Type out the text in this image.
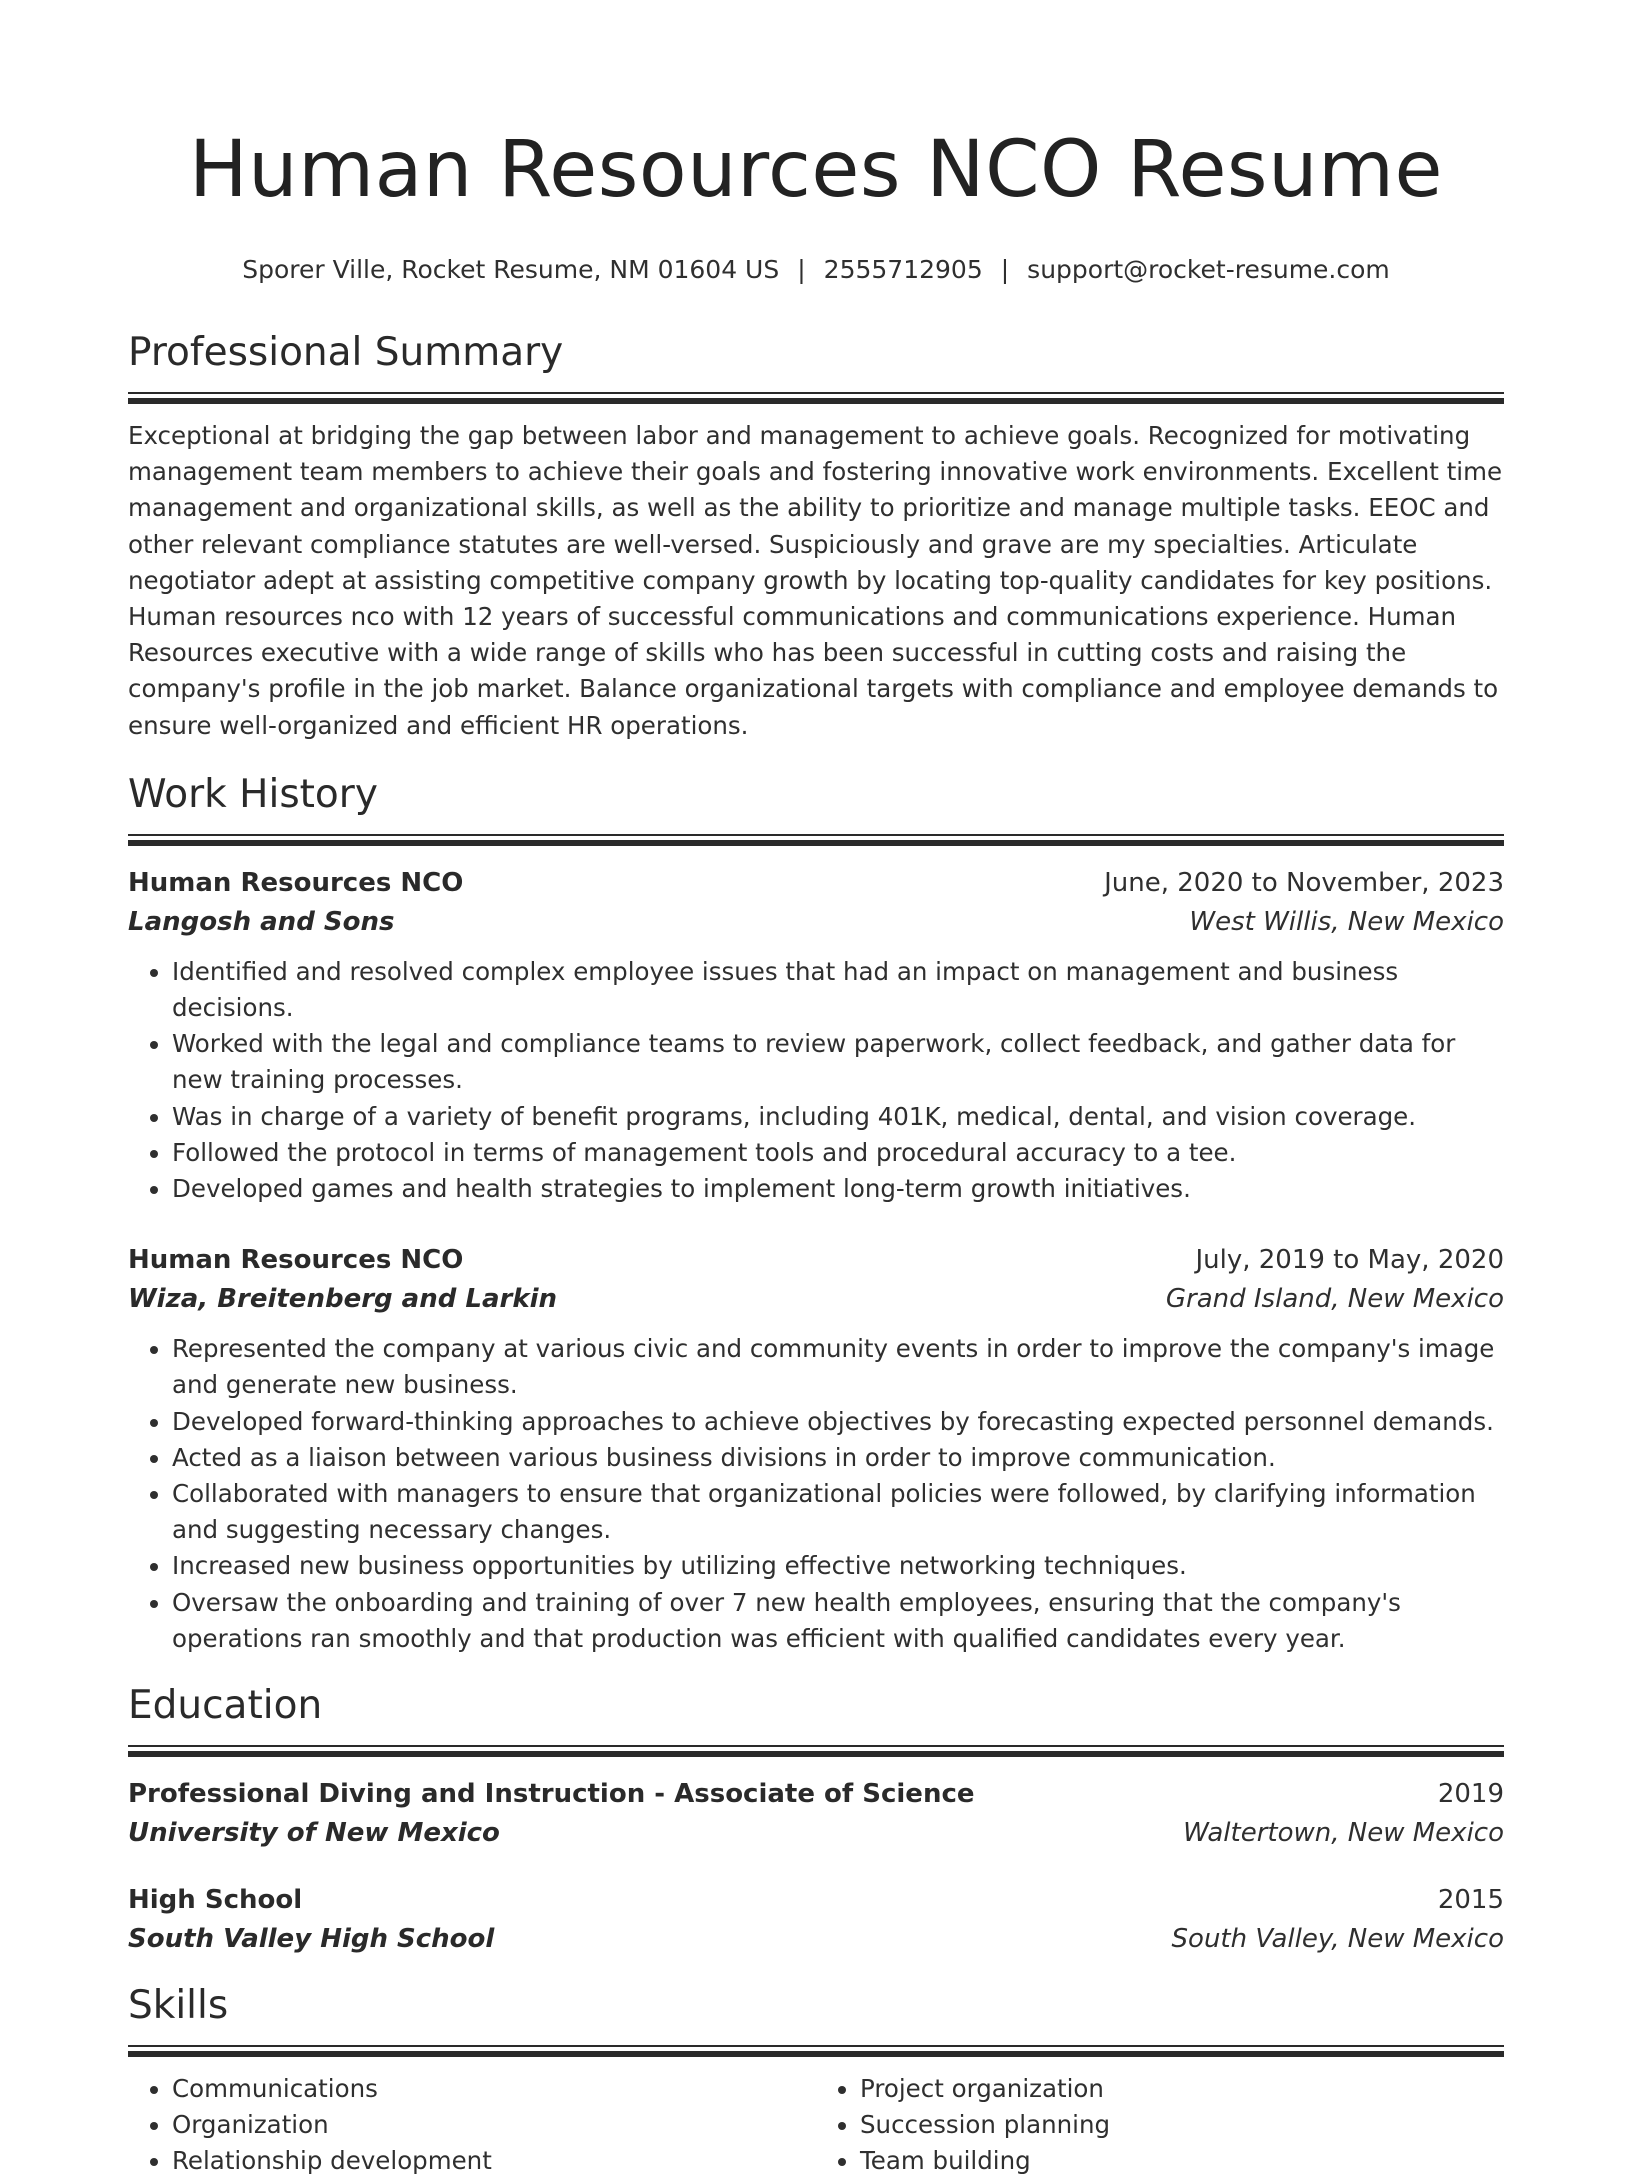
Human Resources NCO Resume
Sporer Ville, Rocket Resume, NM 01604 US | 2555712905 | support@rocket-resume.com
Professional Summary

Exceptional at bridging the gap between labor and management to achieve goals. Recognized for motivating management team members to achieve their goals and fostering innovative work environments. Excellent time management and organizational skills, as well as the ability to prioritize and manage multiple tasks. EEOC and other relevant compliance statutes are well-versed. Suspiciously and grave are my specialties. Articulate negotiator adept at assisting competitive company growth by locating top-quality candidates for key positions. Human resources nco with 12 years of successful communications and communications experience. Human Resources executive with a wide range of skills who has been successful in cutting costs and raising the company's profile in the job market. Balance organizational targets with compliance and employee demands to ensure well-organized and efficient HR operations.

Work History
Human Resources NCO	June, 2020 to November, 2023
Langosh and Sons	West Willis, New Mexico
• Identified and resolved complex employee issues that had an impact on management and business decisions.
• Worked with the legal and compliance teams to review paperwork, collect feedback, and gather data for new training processes.
• Was in charge of a variety of benefit programs, including 401K, medical, dental, and vision coverage.
• Followed the protocol in terms of management tools and procedural accuracy to a tee.
• Developed games and health strategies to implement long-term growth initiatives.
Human Resources NCO	July, 2019 to May, 2020
Wiza, Breitenberg and Larkin	Grand Island, New Mexico
• Represented the company at various civic and community events in order to improve the company's image and generate new business.
• Developed forward-thinking approaches to achieve objectives by forecasting expected personnel demands.
• Acted as a liaison between various business divisions in order to improve communication.
• Collaborated with managers to ensure that organizational policies were followed, by clarifying information and suggesting necessary changes.
• Increased new business opportunities by utilizing effective networking techniques.
• Oversaw the onboarding and training of over 7 new health employees, ensuring that the company's operations ran smoothly and that production was efficient with qualified candidates every year.
Education
Professional Diving and Instruction - Associate of Science	2019
University of New Mexico	Waltertown, New Mexico
High School	2015
South Valley High School	South Valley, New Mexico
Skills
• Communications
• Organization
• Relationship development
• Project organization
• Succession planning
• Team building
